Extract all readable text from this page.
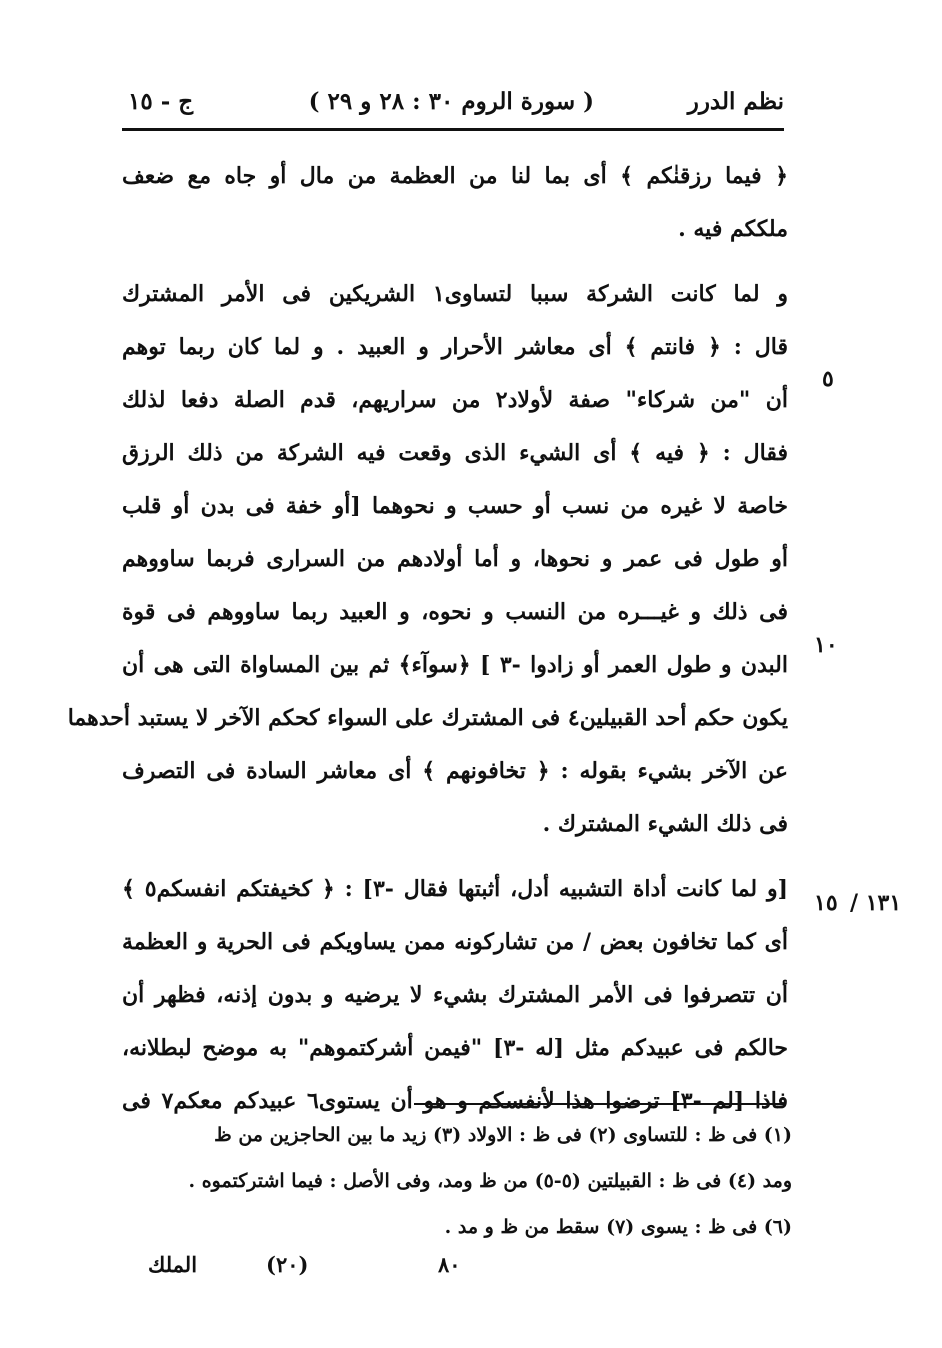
نظم الدرر
( سورة الروم ٣٠ : ٢٨ و ٢٩ )
ج - ١٥
﴿ فيما رزقنٰكم ﴾ أى بما لنا من العظمة من مال أو جاه مع ضعف
ملككم فيه .
و لما كانت الشركة سببا لتساوى١ الشريكين فى الأمر المشترك
قال : ﴿ فانتم ﴾ أى معاشر الأحرار و العبيد . و لما كان ربما توهم
أن "من شركاء" صفة لأولاد٢ من سراريهم، قدم الصلة دفعا لذلك
فقال : ﴿ فيه ﴾ أى الشيء الذى وقعت فيه الشركة من ذلك الرزق
خاصة لا غيره من نسب أو حسب و نحوهما [أو خفة فى بدن أو قلب
أو طول فى عمر و نحوها، و أما أولادهم من السرارى فربما ساووهم
فى ذلك و غيـــره من النسب و نحوه، و العبيد ربما ساووهم فى قوة
البدن و طول العمر أو زادوا -٣ ] ﴿سوآء﴾ ثم بين المساواة التى هى أن
يكون حكم أحد القبيلين٤ فى المشترك على السواء كحكم الآخر لا يستبد أحدهما
عن الآخر بشيء بقوله : ﴿ تخافونهم ﴾ أى معاشر السادة فى التصرف
فى ذلك الشيء المشترك .
[و لما كانت أداة التشبيه أدل، أثبتها فقال -٣] : ﴿ كخيفتكم انفسكم٥ ﴾
أى كما تخافون بعض / من تشاركونه ممن يساويكم فى الحرية و العظمة
أن تتصرفوا فى الأمر المشترك بشيء لا يرضيه و بدون إذنه، فظهر أن
حالكم فى عبيدكم مثل [له -٣] "فيمن أشركتموهم" به موضح لبطلانه،
فاذا [لم -٣] ترضوا هذا لأنفسكم و هو أن يستوى٦ عبيدكم معكم٧ فى
٥
١٠
١٥ ١٣١ /
(١) فى ظ : للتساوى (٢) فى ظ : الاولاد (٣) زيد ما بين الحاجزين من ظ
ومد (٤) فى ظ : القبيلتين (٥-٥) من ظ ومد، وفى الأصل : فيما اشتركتموه .
(٦) فى ظ : يسوى (٧) سقط من ظ و مد .
الملك	(٢٠)	٨٠
